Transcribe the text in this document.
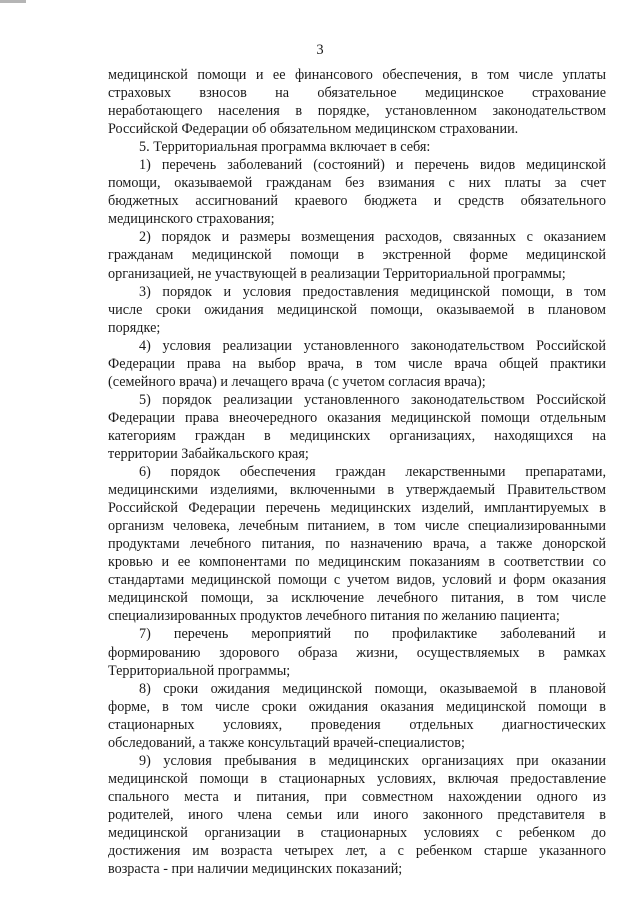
3
медицинской помощи и ее финансового обеспечения, в том числе уплаты
страховых взносов на обязательное медицинское страхование
неработающего населения в порядке, установленном законодательством
Российской Федерации об обязательном медицинском страховании.
5. Территориальная программа включает в себя:
1) перечень заболеваний (состояний) и перечень видов медицинской
помощи, оказываемой гражданам без взимания с них платы за счет
бюджетных ассигнований краевого бюджета и средств обязательного
медицинского страхования;
2) порядок и размеры возмещения расходов, связанных с оказанием
гражданам медицинской помощи в экстренной форме медицинской
организацией, не участвующей в реализации Территориальной программы;
3) порядок и условия предоставления медицинской помощи, в том
числе сроки ожидания медицинской помощи, оказываемой в плановом
порядке;
4) условия реализации установленного законодательством Российской
Федерации права на выбор врача, в том числе врача общей практики
(семейного врача) и лечащего врача (с учетом согласия врача);
5) порядок реализации установленного законодательством Российской
Федерации права внеочередного оказания медицинской помощи отдельным
категориям граждан в медицинских организациях, находящихся на
территории Забайкальского края;
6) порядок обеспечения граждан лекарственными препаратами,
медицинскими изделиями, включенными в утверждаемый Правительством
Российской Федерации перечень медицинских изделий, имплантируемых в
организм человека, лечебным питанием, в том числе специализированными
продуктами лечебного питания, по назначению врача, а также донорской
кровью и ее компонентами по медицинским показаниям в соответствии со
стандартами медицинской помощи с учетом видов, условий и форм оказания
медицинской помощи, за исключение лечебного питания, в том числе
специализированных продуктов лечебного питания по желанию пациента;
7) перечень мероприятий по профилактике заболеваний и
формированию здорового образа жизни, осуществляемых в рамках
Территориальной программы;
8) сроки ожидания медицинской помощи, оказываемой в плановой
форме, в том числе сроки ожидания оказания медицинской помощи в
стационарных условиях, проведения отдельных диагностических
обследований, а также консультаций врачей-специалистов;
9) условия пребывания в медицинских организациях при оказании
медицинской помощи в стационарных условиях, включая предоставление
спального места и питания, при совместном нахождении одного из
родителей, иного члена семьи или иного законного представителя в
медицинской организации в стационарных условиях с ребенком до
достижения им возраста четырех лет, а с ребенком старше указанного
возраста - при наличии медицинских показаний;
